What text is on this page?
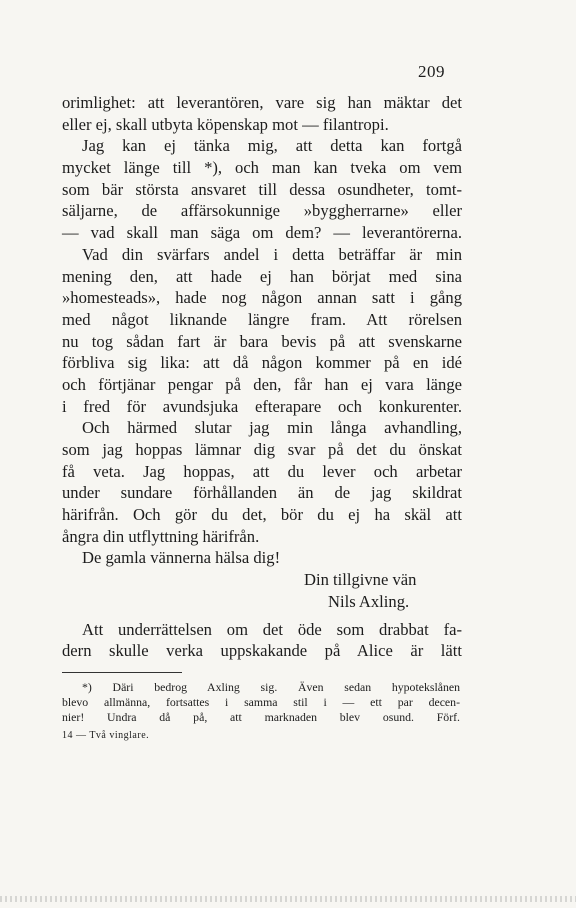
209
orimlighet: att leverantören, vare sig han mäktar det
eller ej, skall utbyta köpenskap mot — filantropi.
Jag kan ej tänka mig, att detta kan fortgå
mycket länge till *), och man kan tveka om vem
som bär största ansvaret till dessa osundheter, tomt-
säljarne, de affärsokunnige »byggherrarne» eller
— vad skall man säga om dem? — leverantörerna.
Vad din svärfars andel i detta beträffar är min
mening den, att hade ej han börjat med sina
»homesteads», hade nog någon annan satt i gång
med något liknande längre fram. Att rörelsen
nu tog sådan fart är bara bevis på att svenskarne
förbliva sig lika: att då någon kommer på en idé
och förtjänar pengar på den, får han ej vara länge
i fred för avundsjuka efterapare och konkurenter.
Och härmed slutar jag min långa avhandling,
som jag hoppas lämnar dig svar på det du önskat
få veta. Jag hoppas, att du lever och arbetar
under sundare förhållanden än de jag skildrat
härifrån. Och gör du det, bör du ej ha skäl att
ångra din utflyttning härifrån.
De gamla vännerna hälsa dig!
Din tillgivne vän
Nils Axling.
Att underrättelsen om det öde som drabbat fa-
dern skulle verka uppskakande på Alice är lätt
*) Däri bedrog Axling sig. Även sedan hypotekslånen
blevo allmänna, fortsattes i samma stil i — ett par decen-
nier! Undra då på, att marknaden blev osund. Förf.
14 — Två vinglare.
